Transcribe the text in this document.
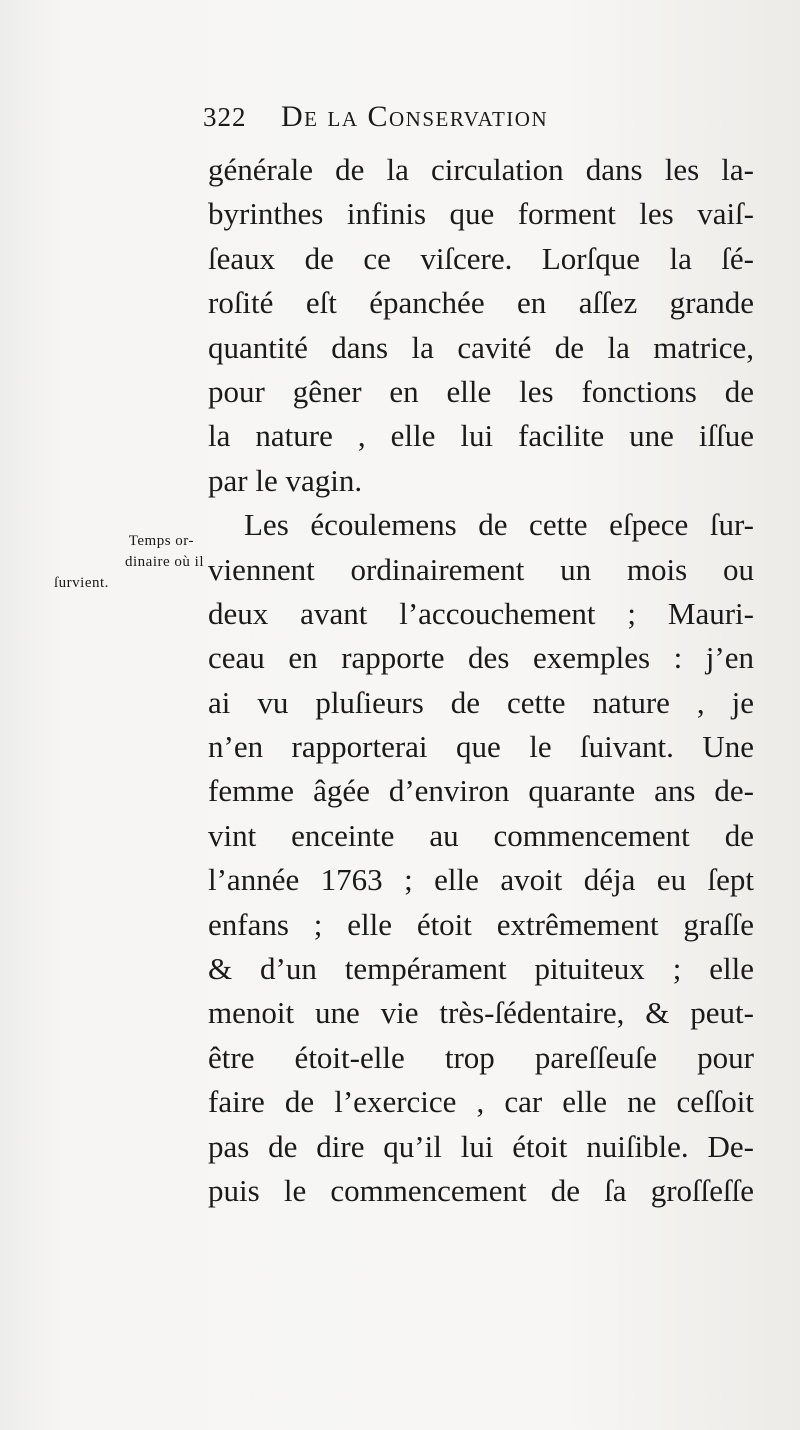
322 De la Conservation
Temps or-
dinaire où il
ſurvient.
générale de la circulation dans les la-
byrinthes infinis que forment les vaiſ-
ſeaux de ce viſcere. Lorſque la ſé-
roſité eſt épanchée en aſſez grande
quantité dans la cavité de la matrice,
pour gêner en elle les fonctions de
la nature , elle lui facilite une iſſue
par le vagin.
Les écoulemens de cette eſpece ſur-
viennent ordinairement un mois ou
deux avant l’accouchement ; Mauri-
ceau en rapporte des exemples : j’en
ai vu pluſieurs de cette nature , je
n’en rapporterai que le ſuivant. Une
femme âgée d’environ quarante ans de-
vint enceinte au commencement de
l’année 1763 ; elle avoit déja eu ſept
enfans ; elle étoit extrêmement graſſe
& d’un tempérament pituiteux ; elle
menoit une vie très-ſédentaire, & peut-
être étoit-elle trop pareſſeuſe pour
faire de l’exercice , car elle ne ceſſoit
pas de dire qu’il lui étoit nuiſible. De-
puis le commencement de ſa groſſeſſe
